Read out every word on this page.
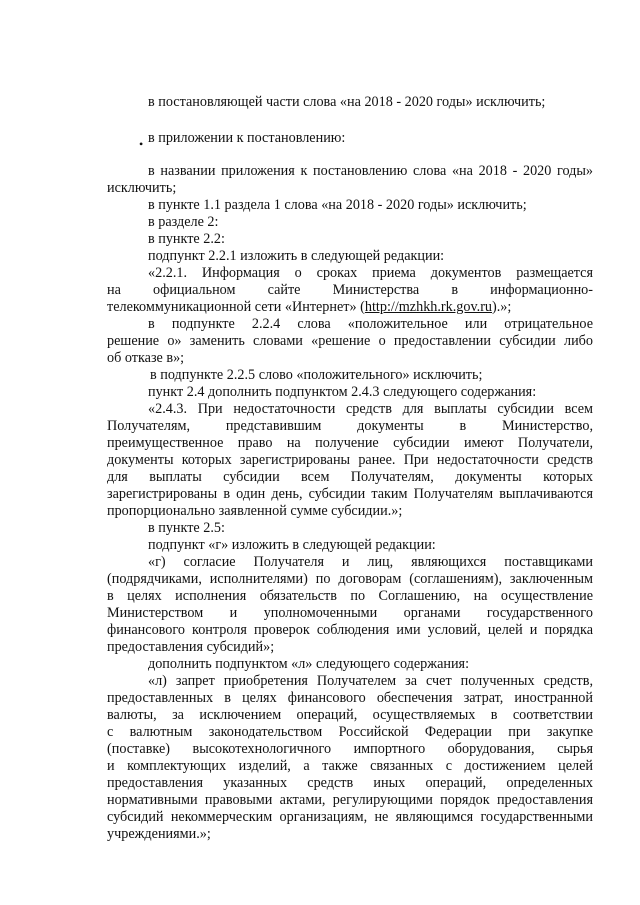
в постановляющей части слова «на 2018 - 2020 годы» исключить;
• в приложении к постановлению:
в названии приложения к постановлению слова «на 2018 - 2020 годы»
исключить;
в пункте 1.1 раздела 1 слова «на 2018 - 2020 годы» исключить;
в разделе 2:
в пункте 2.2:
подпункт 2.2.1 изложить в следующей редакции:
«2.2.1. Информация о сроках приема документов размещается
на официальном сайте Министерства в информационно-
телекоммуникационной сети «Интернет» (http://mzhkh.rk.gov.ru).»;
в подпункте 2.2.4 слова «положительное или отрицательное
решение о» заменить словами «решение о предоставлении субсидии либо
об отказе в»;
в подпункте 2.2.5 слово «положительного» исключить;
пункт 2.4 дополнить подпунктом 2.4.3 следующего содержания:
«2.4.3. При недостаточности средств для выплаты субсидии всем
Получателям, представившим документы в Министерство,
преимущественное право на получение субсидии имеют Получатели,
документы которых зарегистрированы ранее. При недостаточности средств
для выплаты субсидии всем Получателям, документы которых
зарегистрированы в один день, субсидии таким Получателям выплачиваются
пропорционально заявленной сумме субсидии.»;
в пункте 2.5:
подпункт «г» изложить в следующей редакции:
«г) согласие Получателя и лиц, являющихся поставщиками
(подрядчиками, исполнителями) по договорам (соглашениям), заключенным
в целях исполнения обязательств по Соглашению, на осуществление
Министерством и уполномоченными органами государственного
финансового контроля проверок соблюдения ими условий, целей и порядка
предоставления субсидий»;
дополнить подпунктом «л» следующего содержания:
«л) запрет приобретения Получателем за счет полученных средств,
предоставленных в целях финансового обеспечения затрат, иностранной
валюты, за исключением операций, осуществляемых в соответствии
с валютным законодательством Российской Федерации при закупке
(поставке) высокотехнологичного импортного оборудования, сырья
и комплектующих изделий, а также связанных с достижением целей
предоставления указанных средств иных операций, определенных
нормативными правовыми актами, регулирующими порядок предоставления
субсидий некоммерческим организациям, не являющимся государственными
учреждениями.»;
